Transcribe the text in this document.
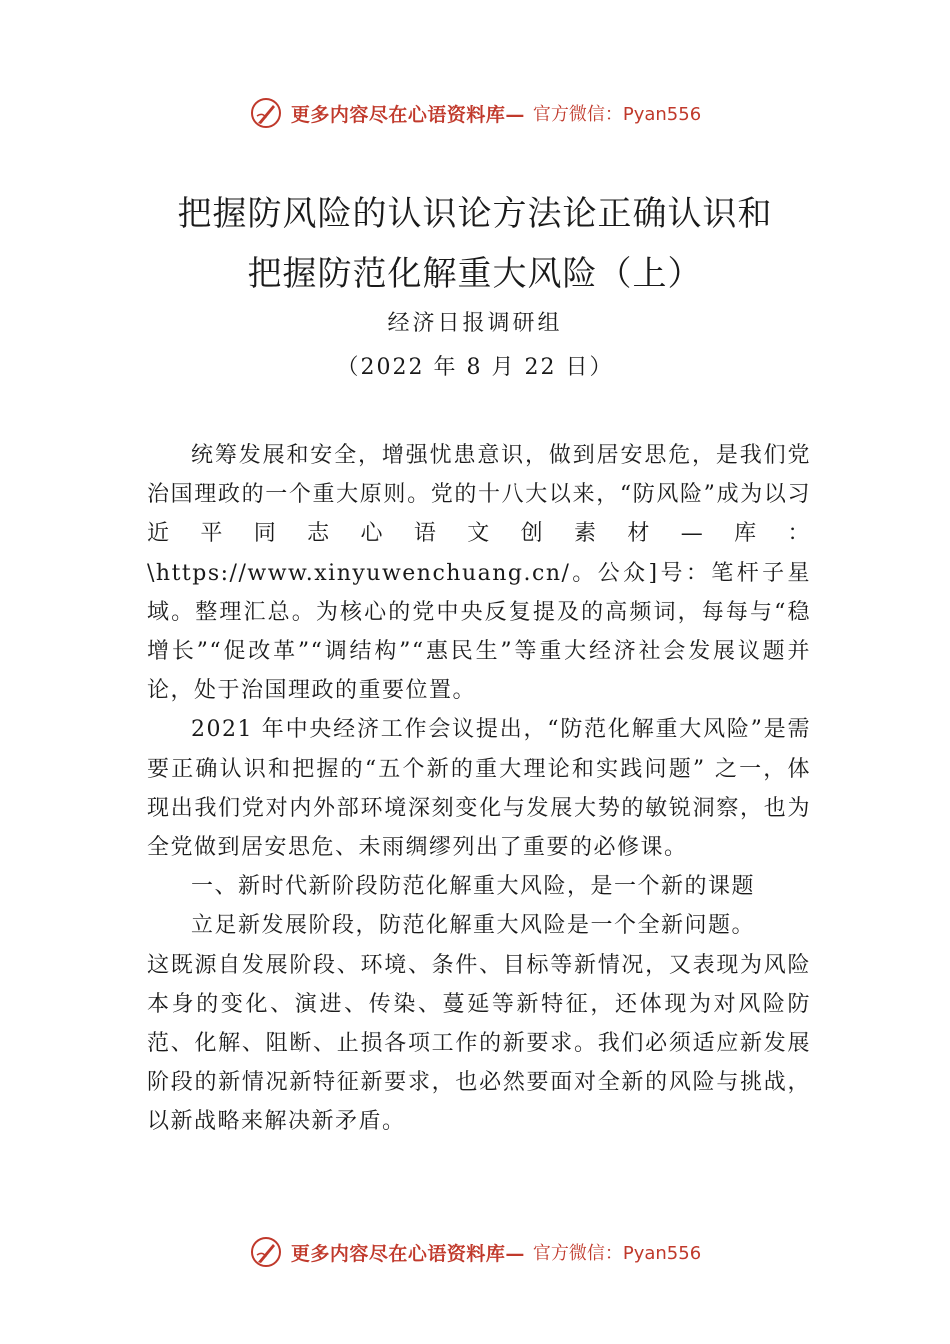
更多内容尽在心语资料库— 官方微信：Pyan556
把握防风险的认识论方法论正确认识和
把握防范化解重大风险（上）
经济日报调研组
（2022 年 8 月 22 日）

统筹发展和安全，增强忧患意识，做到居安思危，是我们党治国理政的一个重大原则。党的十八大以来，“防风险”成为以习近平同志心语文创素材—库：\https://www.xinyuwenchuang.cn/。公众]号：笔杆子星域。整理汇总。为核心的党中央反复提及的高频词，每每与“稳增长”“促改革”“调结构”“惠民生”等重大经济社会发展议题并论，处于治国理政的重要位置。

2021 年中央经济工作会议提出，“防范化解重大风险”是需要正确认识和把握的“五个新的重大理论和实践问题” 之一，体现出我们党对内外部环境深刻变化与发展大势的敏锐洞察，也为全党做到居安思危、未雨绸缪列出了重要的必修课。

一、新时代新阶段防范化解重大风险，是一个新的课题

立足新发展阶段，防范化解重大风险是一个全新问题。

这既源自发展阶段、环境、条件、目标等新情况，又表现为风险本身的变化、演进、传染、蔓延等新特征，还体现为对风险防范、化解、阻断、止损各项工作的新要求。我们必须适应新发展阶段的新情况新特征新要求，也必然要面对全新的风险与挑战，以新战略来解决新矛盾。

更多内容尽在心语资料库— 官方微信：Pyan556
